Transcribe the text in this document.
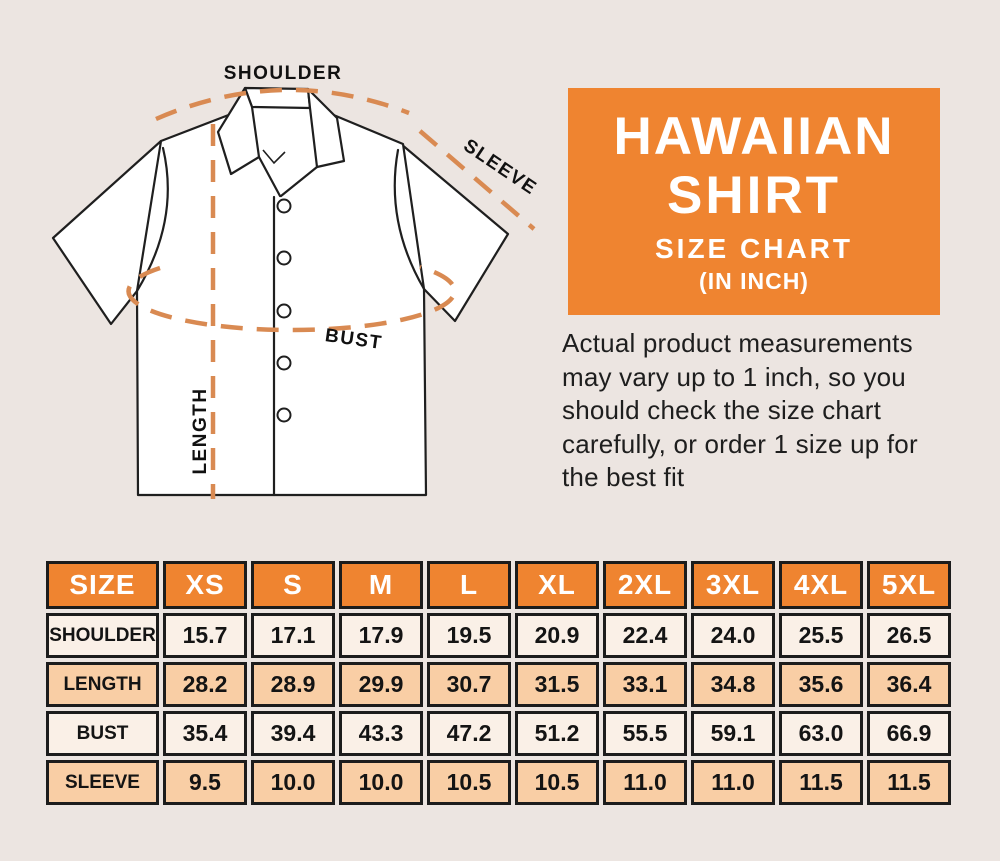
SHOULDER
SLEEVE
BUST
LENGTH
HAWAIIAN
SHIRT
SIZE CHART
(IN INCH)
Actual product measurements
may vary up to 1 inch, so you
should check the size chart
carefully, or order 1 size up for
the best fit
SIZE	XS	S	M	L	XL	2XL	3XL	4XL	5XL
SHOULDER	15.7	17.1	17.9	19.5	20.9	22.4	24.0	25.5	26.5
LENGTH	28.2	28.9	29.9	30.7	31.5	33.1	34.8	35.6	36.4
BUST	35.4	39.4	43.3	47.2	51.2	55.5	59.1	63.0	66.9
SLEEVE	9.5	10.0	10.0	10.5	10.5	11.0	11.0	11.5	11.5
